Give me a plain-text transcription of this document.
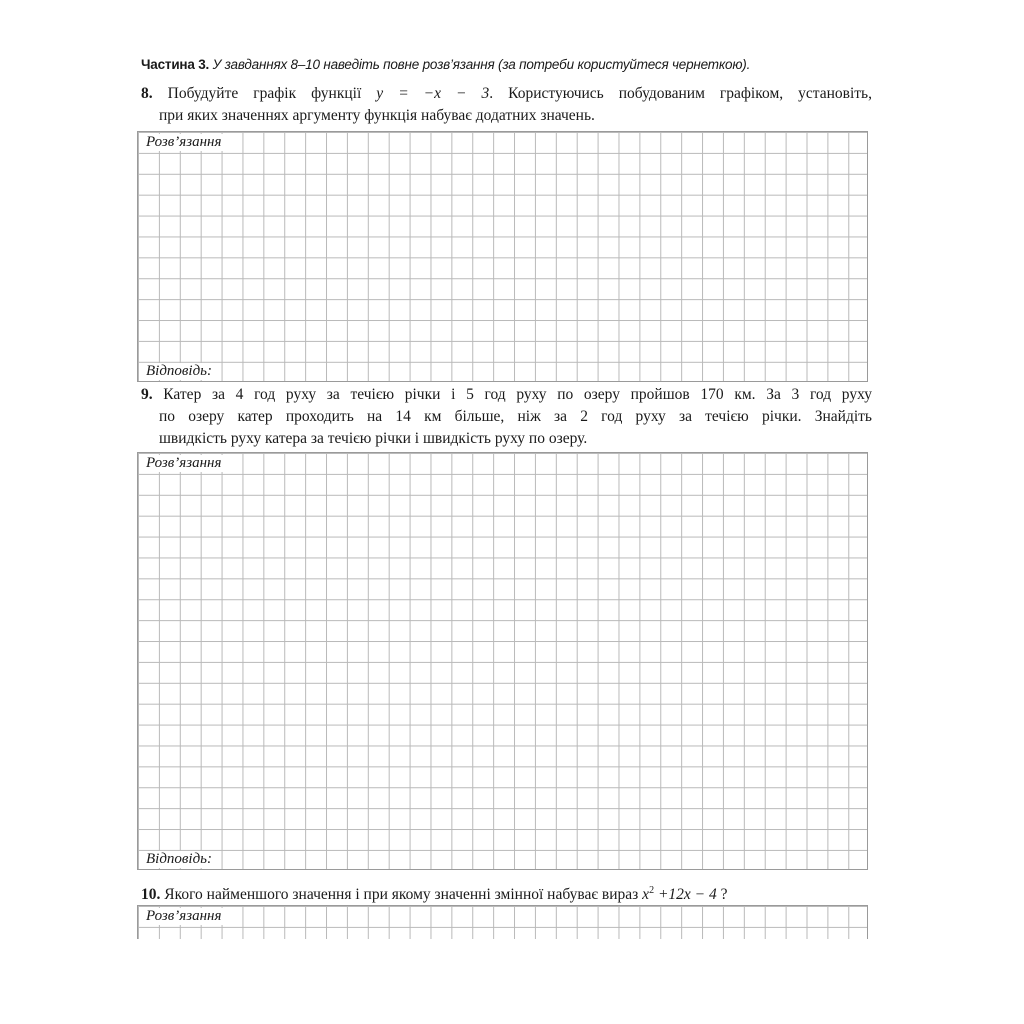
Частина 3. У завданнях 8–10 наведіть повне розв’язання (за потреби користуйтеся чернеткою).
8. Побудуйте графік функції y = −x − 3. Користуючись побудованим графіком, установіть,
при яких значеннях аргументу функція набуває додатних значень.
Розв’язання
Відповідь:
9. Катер за 4 год руху за течією річки і 5 год руху по озеру пройшов 170 км. За 3 год руху
по озеру катер проходить на 14 км більше, ніж за 2 год руху за течією річки. Знайдіть
швидкість руху катера за течією річки і швидкість руху по озеру.
Розв’язання
Відповідь:
10. Якого найменшого значення і при якому значенні змінної набуває вираз $x^2 +12x - 4$ ?
Розв’язання
